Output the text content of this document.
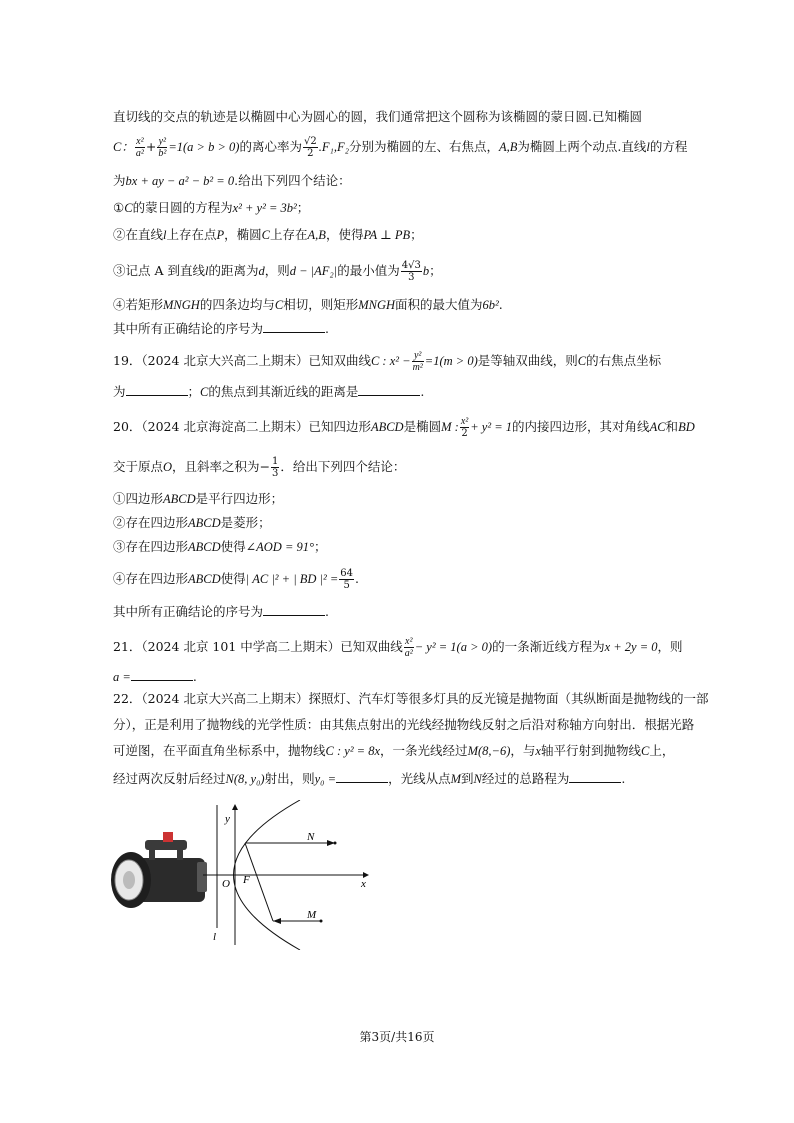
直切线的交点的轨迹是以椭圆中心为圆心的圆，我们通常把这个圆称为该椭圆的蒙日圆.已知椭圆
C： $\frac{\text{x²}}{\text{a²}} + \frac{\text{y²}}{\text{b²}} =1(a > b > 0)$的离心率为 $\frac{√2}{2} .F_1,F_2$分别为椭圆的左、右焦点，A,B为椭圆上两个动点.直线l的方程
为bx + ay − a² − b² = 0.给出下列四个结论：
①C的蒙日圆的方程为x² + y² = 3b²；
②在直线l上存在点P，椭圆C上存在A,B，使得PA ⊥ PB；
③记点 A 到直线l的距离为d，则d − |AF₂|的最小值为 $\frac{4√3}{3}$ b；
④若矩形MNGH的四条边均与C相切，则矩形MNGH面积的最大值为6b².
其中所有正确结论的序号为	.
19．（2024 北京大兴高二上期末）已知双曲线C : $x^2 - \frac{\text{y²}}{\text{m²}} =1(m > 0)$是等轴双曲线，则C的右焦点坐标
为	；C的焦点到其渐近线的距离是	.
20．（2024 北京海淀高二上期末）已知四边形ABCD是椭圆M : $\frac{\text{x²}}{2} + y^2 = 1$的内接四边形，其对角线AC和BD
交于原点O，且斜率之积为− $\frac{1}{3}$ ．给出下列四个结论：
①四边形ABCD是平行四边形；
②存在四边形ABCD是菱形；
③存在四边形ABCD使得∠AOD = 91°；
④存在四边形ABCD使得| AC |² + | BD $|^2 = \frac{64}{5}$ .
其中所有正确结论的序号为	.
21．（2024 北京 101 中学高二上期末）已知双曲线 $\frac{\text{x²}}{\text{a²}} - y^2 = 1(a > 0)$的一条渐近线方程为x + 2y = 0，则
a =	.
22．（2024 北京大兴高二上期末）探照灯、汽车灯等很多灯具的反光镜是抛物面（其纵断面是抛物线的一部
分），正是利用了抛物线的光学性质：由其焦点射出的光线经抛物线反射之后沿对称轴方向射出．根据光路
可逆图，在平面直角坐标系中，抛物线C : y² = 8x，一条光线经过M(8,−6)，与x轴平行射到抛物线C上，
经过两次反射后经过N(8, y₀)射出，则y₀ =	，光线从点M到N经过的总路程为	.
y
x
O F
N
M
l
第3页/共16页
